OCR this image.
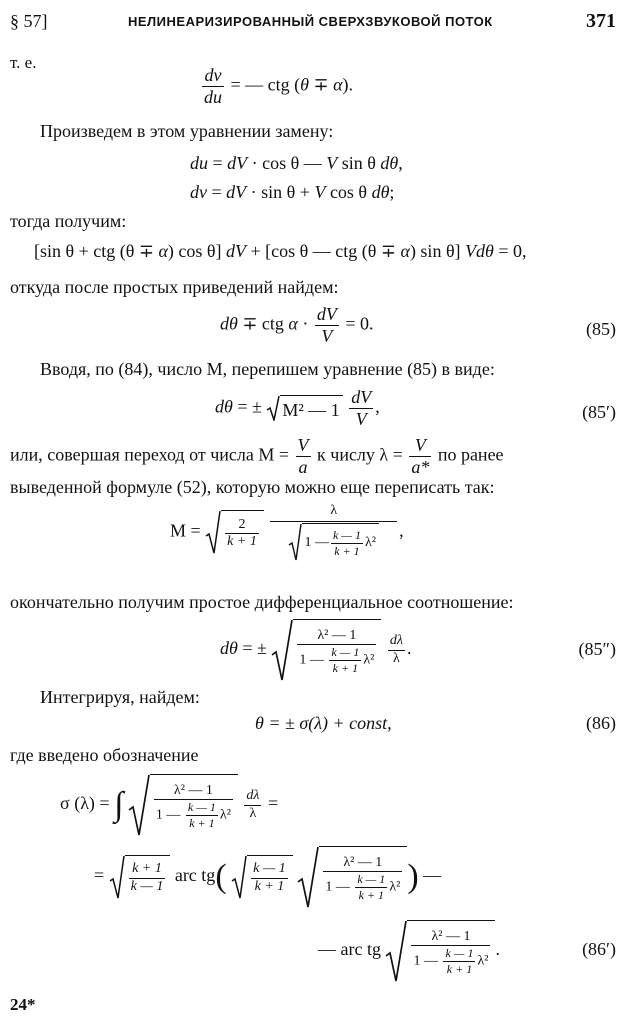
§ 57]	НЕЛИНЕАРИЗИРОВАННЫЙ СВЕРХЗВУКОВОЙ ПОТОК	371
т. е.
$\frac{dv}{du}$ = — ctg (θ ∓ α).
Произведем в этом уравнении замену:
du = dV · cos θ — V sin θ dθ,
dv = dV · sin θ + V cos θ dθ;
тогда получим:
[sin θ + ctg (θ ∓ α) cos θ] dV + [cos θ — ctg (θ ∓ α) sin θ] Vdθ = 0,
откуда после простых приведений найдем:
dθ ∓ ctg $\alpha \cdot \frac{dV}{V} = 0$.	(85)
Вводя, по (84), число M, перепишем уравнение (85) в виде:
dθ = ± M² — 1
$\frac{dV}{V}$ ,	(85′)
или, совершая переход от числа $M = \frac{V}{a}$ к числу $\lambda = \frac{V}{a*}$ по ранее
выведенной формуле (52), которую можно еще переписать так:
$M = \frac{2}{k + 1}$
$\frac{\lambda}{1 — \frac{k — 1}{k + 1} \lambda^2}$ ,
окончательно получим простое дифференциальное соотношение:
dθ = ± $\frac{\text{λ² — 1}}{1 — \frac{k — 1}{k + 1} \lambda^2}$
$\frac{d\lambda}{\lambda}$ .	(85″)
Интегрируя, найдем:
θ = ± σ(λ) + const,	(86)
где введено обозначение
σ (λ) = ∫ $\frac{\text{λ² — 1}}{1 — \frac{k — 1}{k + 1} \lambda^2}$
$\frac{d\lambda}{\lambda}$ =
= $\frac{k + 1}{k — 1}$ arc $tg( \frac{k — 1}{k + 1}$
	$\frac{\text{λ² — 1}}{1 — \frac{k — 1}{k + 1} \lambda^2}$ ) —
— arc tg $\frac{\text{λ² — 1}}{1 — \frac{k — 1}{k + 1} \lambda^2}$ .	(86′)
24*
